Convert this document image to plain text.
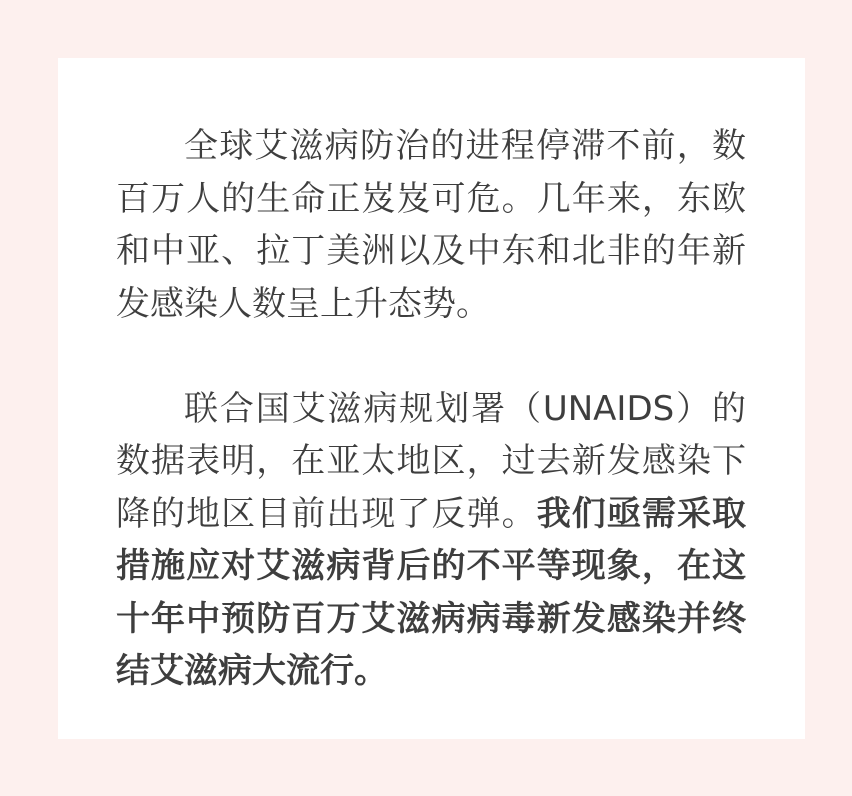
全球艾滋病防治的进程停滞不前，数百万人的生命正岌岌可危。几年来，东欧和中亚、拉丁美洲以及中东和北非的年新发感染人数呈上升态势。

联合国艾滋病规划署（UNAIDS）的数据表明，在亚太地区，过去新发感染下降的地区目前出现了反弹。我们亟需采取措施应对艾滋病背后的不平等现象，在这十年中预防百万艾滋病病毒新发感染并终结艾滋病大流行。
